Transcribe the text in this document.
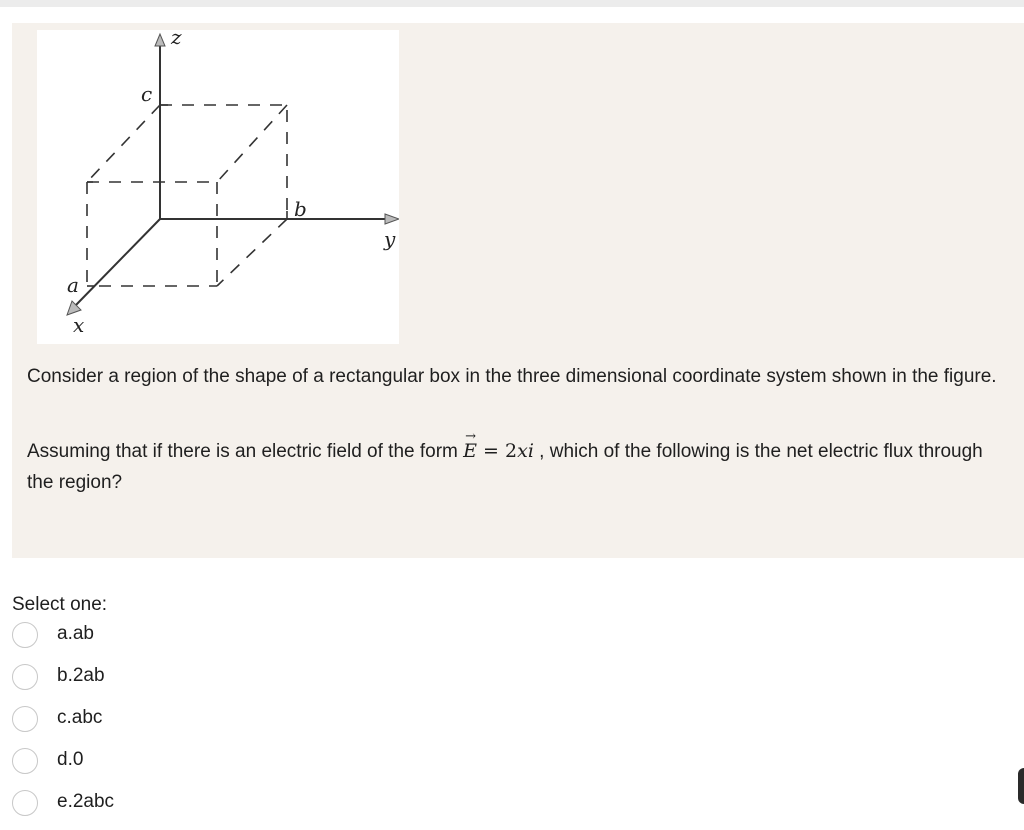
z
c
b
y
a
x
Consider a region of the shape of a rectangular box in the three dimensional coordinate system shown in the figure.
Assuming that if there is an electric field of the form → E = 2xi , which of the following is the net electric flux through the region?
Select one:
a.ab
b.2ab
c.abc
d.0
e.2abc
